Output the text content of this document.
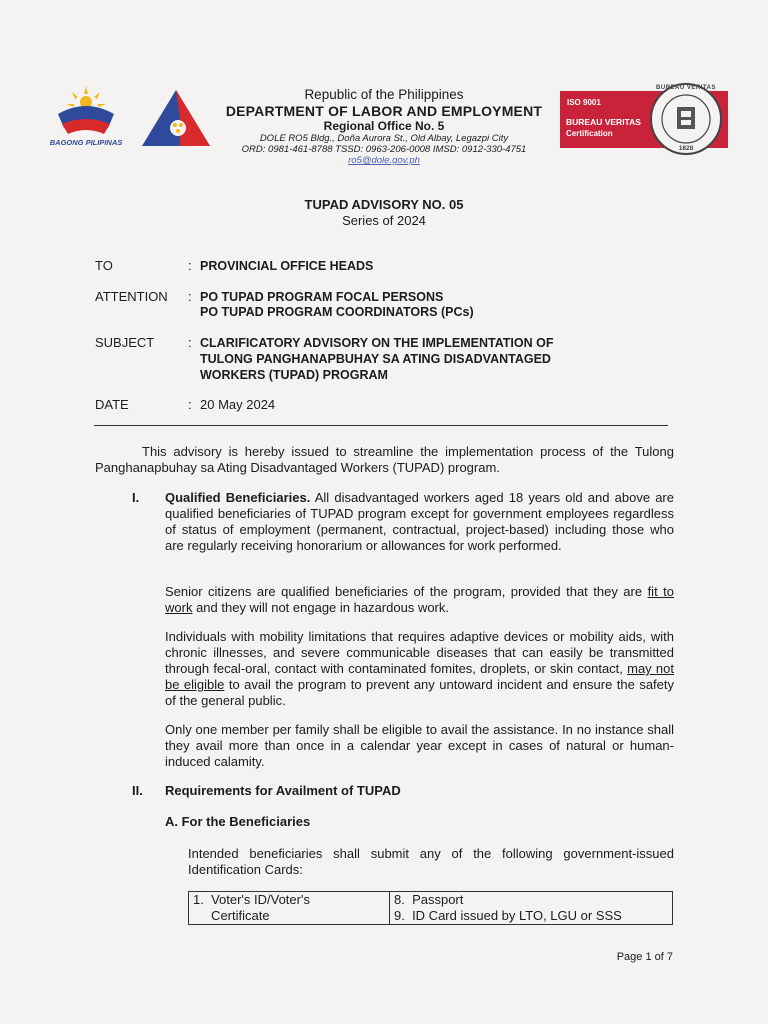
BAGONG PILIPINAS
ISO 9001
BUREAU VERITAS
Certification
BUREAU VERITAS
1828
Republic of the Philippines
DEPARTMENT OF LABOR AND EMPLOYMENT
Regional Office No. 5
DOLE RO5 Bldg., Doña Aurora St., Old Albay, Legazpi City
ORD: 0981-461-8788 TSSD: 0963-206-0008 IMSD: 0912-330-4751
ro5@dole.gov.ph
TUPAD ADVISORY NO. 05
Series of 2024
TO	: PROVINCIAL OFFICE HEADS
ATTENTION : PO TUPAD PROGRAM FOCAL PERSONS
PO TUPAD PROGRAM COORDINATORS (PCs)
SUBJECT	: CLARIFICATORY ADVISORY ON THE IMPLEMENTATION OF
TULONG PANGHANAPBUHAY SA ATING DISADVANTAGED
WORKERS (TUPAD) PROGRAM
DATE	: 20 May 2024
This advisory is hereby issued to streamline the implementation process of the Tulong Panghanapbuhay sa Ating Disadvantaged Workers (TUPAD) program.
I. Qualified Beneficiaries. All disadvantaged workers aged 18 years old and above are qualified beneficiaries of TUPAD program except for government employees regardless of status of employment (permanent, contractual, project-based) including those who are regularly receiving honorarium or allowances for work performed.
Senior citizens are qualified beneficiaries of the program, provided that they are fit to work and they will not engage in hazardous work.
Individuals with mobility limitations that requires adaptive devices or mobility aids, with chronic illnesses, and severe communicable diseases that can easily be transmitted through fecal-oral, contact with contaminated fomites, droplets, or skin contact, may not be eligible to avail the program to prevent any untoward incident and ensure the safety of the general public.
Only one member per family shall be eligible to avail the assistance. In no instance shall they avail more than once in a calendar year except in cases of natural or human-induced calamity.
II. Requirements for Availment of TUPAD
A. For the Beneficiaries
Intended beneficiaries shall submit any of the following government-issued Identification Cards:
1.  Voter's ID/Voter's
Certificate

8.  Passport
9.  ID Card issued by LTO, LGU or SSS
Page 1 of 7
